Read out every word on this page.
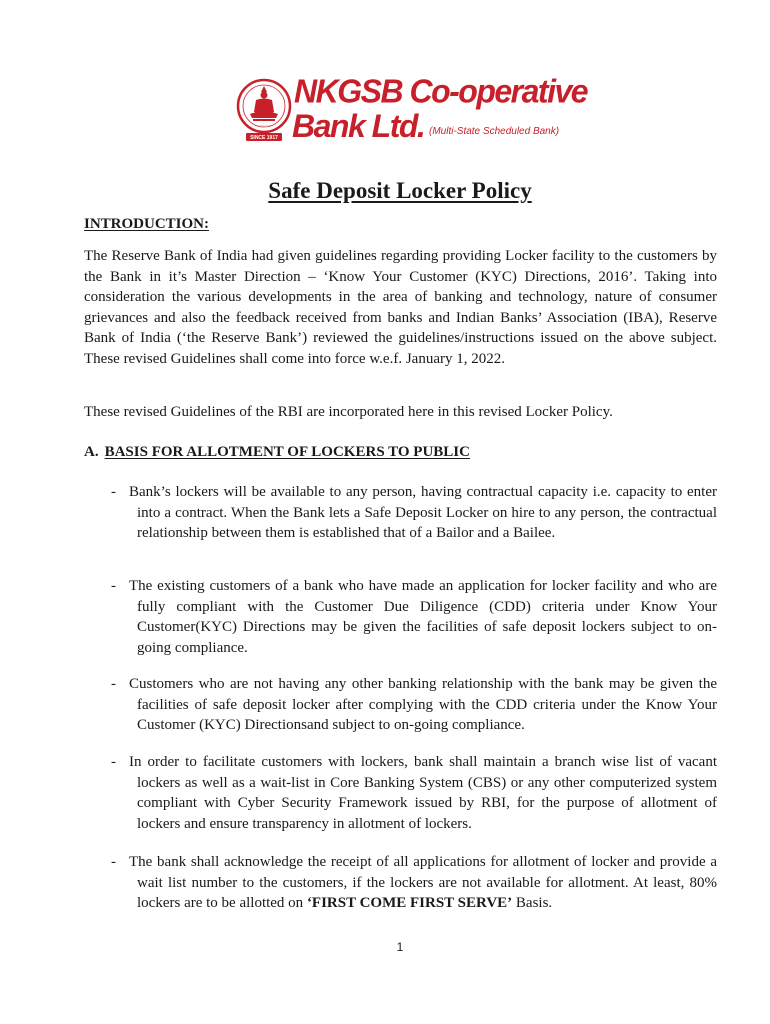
~~~~~~~
SINCE 1917
NKGSB Co-operative
Bank Ltd. (Multi-State Scheduled Bank)
Safe Deposit Locker Policy
INTRODUCTION:

The Reserve Bank of India had given guidelines regarding providing Locker facility to the customers by the Bank in it’s Master Direction – ‘Know Your Customer (KYC) Directions, 2016’. Taking into consideration the various developments in the area of banking and technology, nature of consumer grievances and also the feedback received from banks and Indian Banks’ Association (IBA), Reserve Bank of India (‘the Reserve Bank’) reviewed the guidelines/instructions issued on the above subject. These revised Guidelines shall come into force w.e.f. January 1, 2022.

These revised Guidelines of the RBI are incorporated here in this revised Locker Policy.

A. BASIS FOR ALLOTMENT OF LOCKERS TO PUBLIC

- Bank’s lockers will be available to any person, having contractual capacity i.e. capacity to enter into a contract. When the Bank lets a Safe Deposit Locker on hire to any person, the contractual relationship between them is established that of a Bailor and a Bailee.

- The existing customers of a bank who have made an application for locker facility and who are fully compliant with the Customer Due Diligence (CDD) criteria under Know Your Customer(KYC) Directions may be given the facilities of safe deposit lockers subject to on-going compliance.

- Customers who are not having any other banking relationship with the bank may be given the facilities of safe deposit locker after complying with the CDD criteria under the Know Your Customer (KYC) Directionsand subject to on-going compliance.

- In order to facilitate customers with lockers, bank shall maintain a branch wise list of vacant lockers as well as a wait-list in Core Banking System (CBS) or any other computerized system compliant with Cyber Security Framework issued by RBI, for the purpose of allotment of lockers and ensure transparency in allotment of lockers.

- The bank shall acknowledge the receipt of all applications for allotment of locker and provide a wait list number to the customers, if the lockers are not available for allotment. At least, 80% lockers are to be allotted on ‘FIRST COME FIRST SERVE’ Basis.

1
